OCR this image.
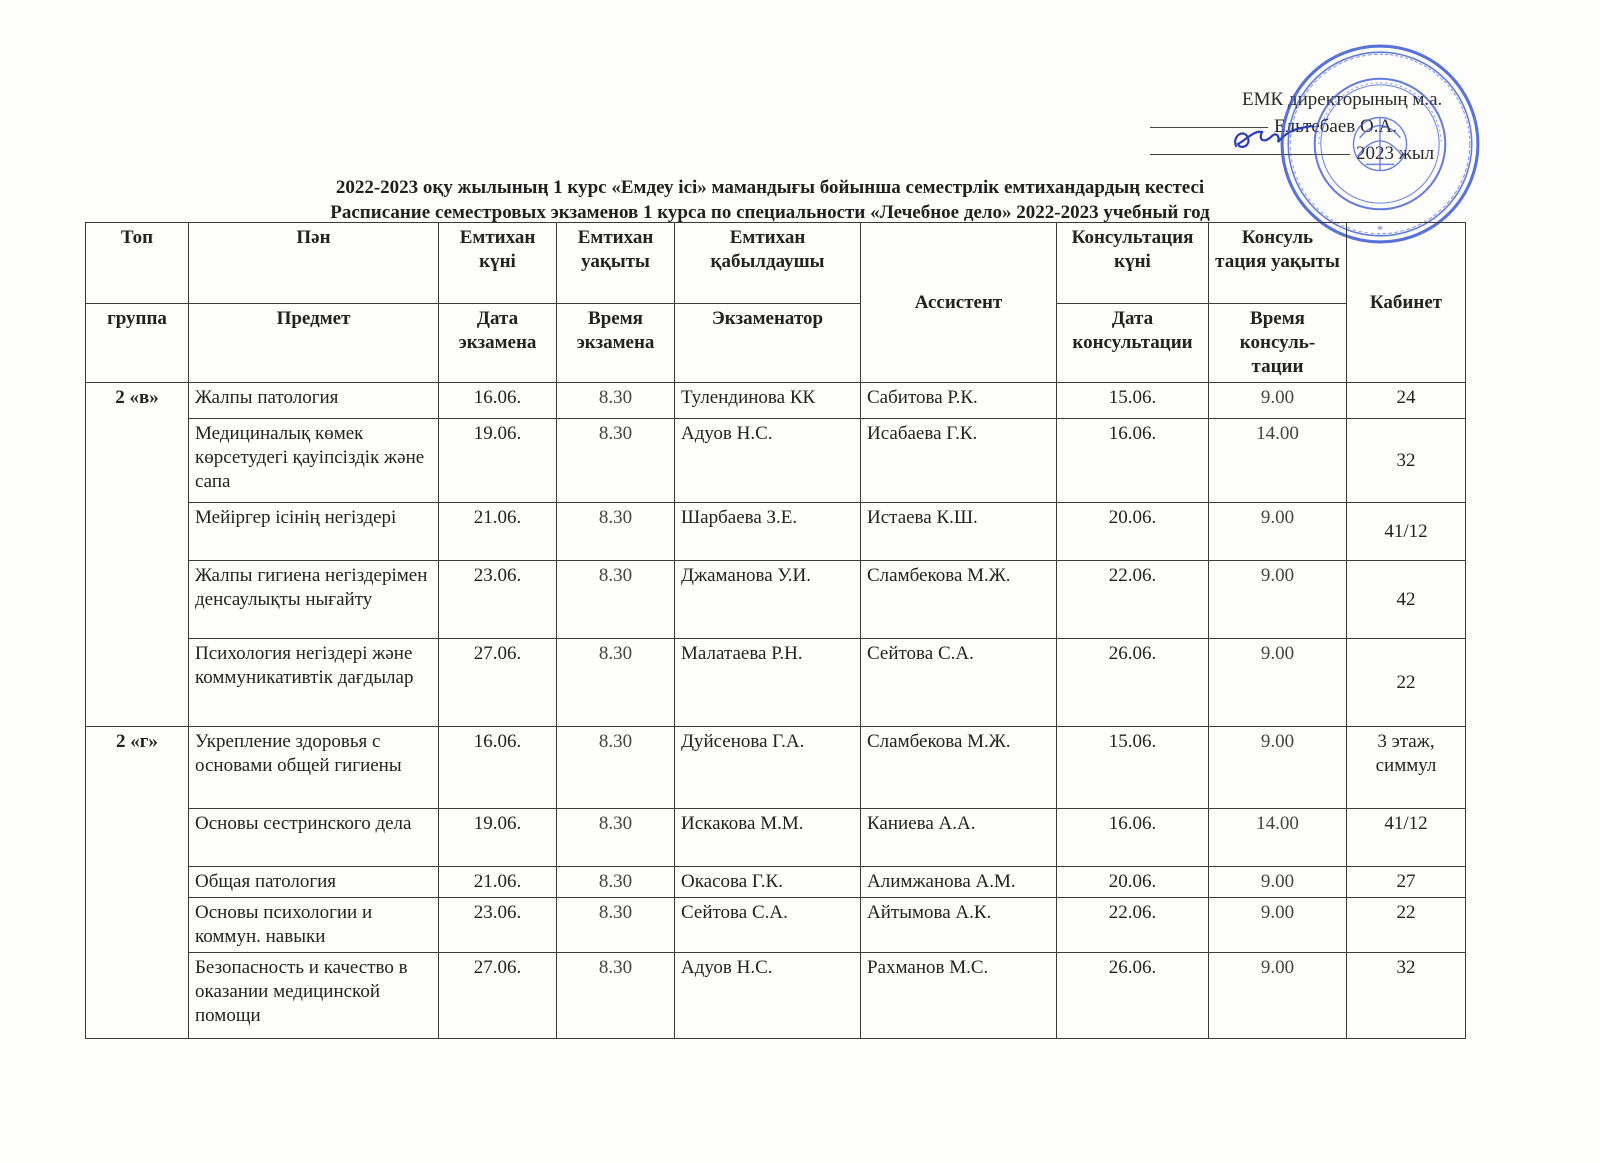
ЕМК директорының м.а.
Ельтебаев О.А.
2023 жыл
*
2022-2023 оқу жылының 1 курс «Емдеу ісі» мамандығы бойынша семестрлік емтихандардың кестесі
Расписание семестровых экзаменов 1 курса по специальности «Лечебное дело» 2022-2023 учебный год
Топ	Пән	Емтихан күні	Емтихан уақыты	Емтихан қабылдаушы	Ассистент	Консультация күні	Консуль тация уақыты	Кабинет
группа	Предмет	Дата экзамена	Время экзамена	Экзаменатор		Дата консультации	Время консуль-тации	
2 «в»	Жалпы патология	16.06.	8.30	Тулендинова КК	Сабитова Р.К.	15.06.	9.00	24
	Медициналық көмек көрсетудегі қауіпсіздік және сапа	19.06.	8.30	Адуов Н.С.	Исабаева Г.К.	16.06.	14.00	32
	Мейіргер ісінің негіздері	21.06.	8.30	Шарбаева З.Е.	Истаева К.Ш.	20.06.	9.00	41/12
	Жалпы гигиена негіздерімен денсаулықты нығайту	23.06.	8.30	Джаманова У.И.	Сламбекова М.Ж.	22.06.	9.00	42
	Психология негіздері және коммуникативтік дағдылар	27.06.	8.30	Малатаева Р.Н.	Сейтова С.А.	26.06.	9.00	22
2 «г»	Укрепление здоровья с основами общей гигиены	16.06.	8.30	Дуйсенова Г.А.	Сламбекова М.Ж.	15.06.	9.00	3 этаж, симмул
	Основы сестринского дела	19.06.	8.30	Искакова М.М.	Каниева А.А.	16.06.	14.00	41/12
	Общая патология	21.06.	8.30	Окасова Г.К.	Алимжанова А.М.	20.06.	9.00	27
	Основы психологии и коммун. навыки	23.06.	8.30	Сейтова С.А.	Айтымова А.К.	22.06.	9.00	22
	Безопасность и качество в оказании медицинской помощи	27.06.	8.30	Адуов Н.С.	Рахманов М.С.	26.06.	9.00	32
